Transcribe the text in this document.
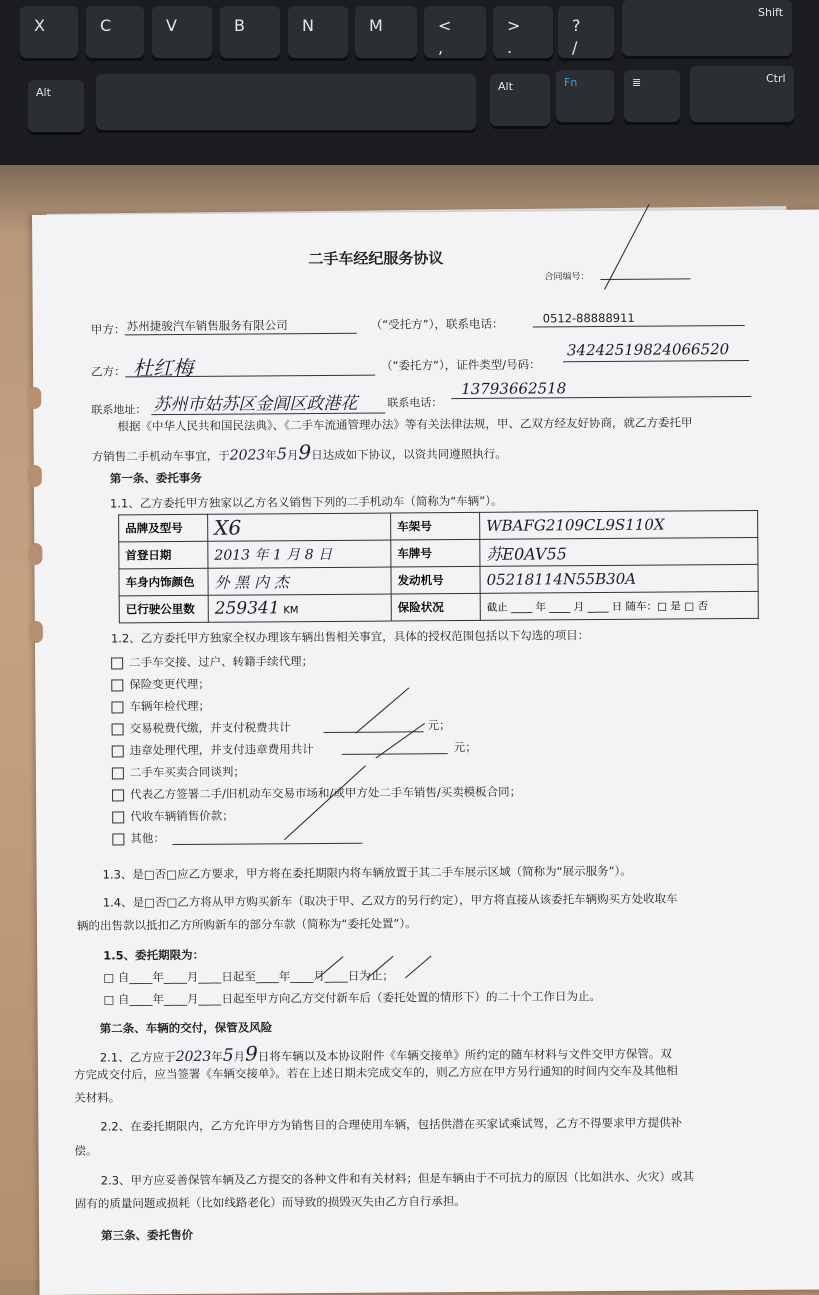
X	C	V	B	N	M	<
,
>
.
?
/
Shift
Alt	Alt	Fn	≣	Ctrl
二手车经纪服务协议
合同编号：
甲方： 苏州捷骏汽车销售服务有限公司	（“受托方”），联系电话：	0512-88888911
乙方： 杜红梅	（“委托方”），证件类型/号码：
34242519824066520
联系地址： 苏州市姑苏区金阊区政港花	联系电话：
13793662518
根据《中华人民共和国民法典》、《二手车流通管理办法》等有关法律法规，甲、乙双方经友好协商，就乙方委托甲
方销售二手机动车事宜，于2023年5月9日达成如下协议，以资共同遵照执行。
第一条、委托事务
1.1、乙方委托甲方独家以乙方名义销售下列的二手机动车（简称为“车辆”）。
品牌及型号	X6	车架号	WBAFG2109CL9S110X
首登日期	2013 年 1 月 8 日	车牌号	苏E0AV55
车身内饰颜色	外 黑 内 杰	发动机号	05218114N55B30A
已行驶公里数	259341 KM	保险状况	截止 ____ 年 ____ 月 ____ 日 随车：□ 是 □ 否
1.2、乙方委托甲方独家全权办理该车辆出售相关事宜，具体的授权范围包括以下勾选的项目：
二手车交接、过户、转籍手续代理；
保险变更代理；
车辆年检代理；
交易税费代缴，并支付税费共计	元；
违章处理代理，并支付违章费用共计	元；
二手车买卖合同谈判；
代表乙方签署二手/旧机动车交易市场和/或甲方处二手车销售/买卖模板合同；
代收车辆销售价款；
其他：
1.3、是□否□应乙方要求，甲方将在委托期限内将车辆放置于其二手车展示区域（简称为“展示服务”）。
1.4、是□否□乙方将从甲方购买新车（取决于甲、乙双方的另行约定），甲方将直接从该委托车辆购买方处收取车
辆的出售款以抵扣乙方所购新车的部分车款（简称为“委托处置”）。
1.5、委托期限为：
□ 自____年____月____日起至____年____月____日为止；
□ 自____年____月____日起至甲方向乙方交付新车后（委托处置的情形下）的二十个工作日为止。
第二条、车辆的交付，保管及风险
2.1、乙方应于2023年5月9日将车辆以及本协议附件《车辆交接单》所约定的随车材料与文件交甲方保管。双
方完成交付后，应当签署《车辆交接单》。若在上述日期未完成交车的，则乙方应在甲方另行通知的时间内交车及其他相
关材料。
2.2、在委托期限内，乙方允许甲方为销售目的合理使用车辆，包括供潜在买家试乘试驾，乙方不得要求甲方提供补
偿。
2.3、甲方应妥善保管车辆及乙方提交的各种文件和有关材料；但是车辆由于不可抗力的原因（比如洪水、火灾）或其
固有的质量问题或损耗（比如线路老化）而导致的损毁灭失由乙方自行承担。
第三条、委托售价
